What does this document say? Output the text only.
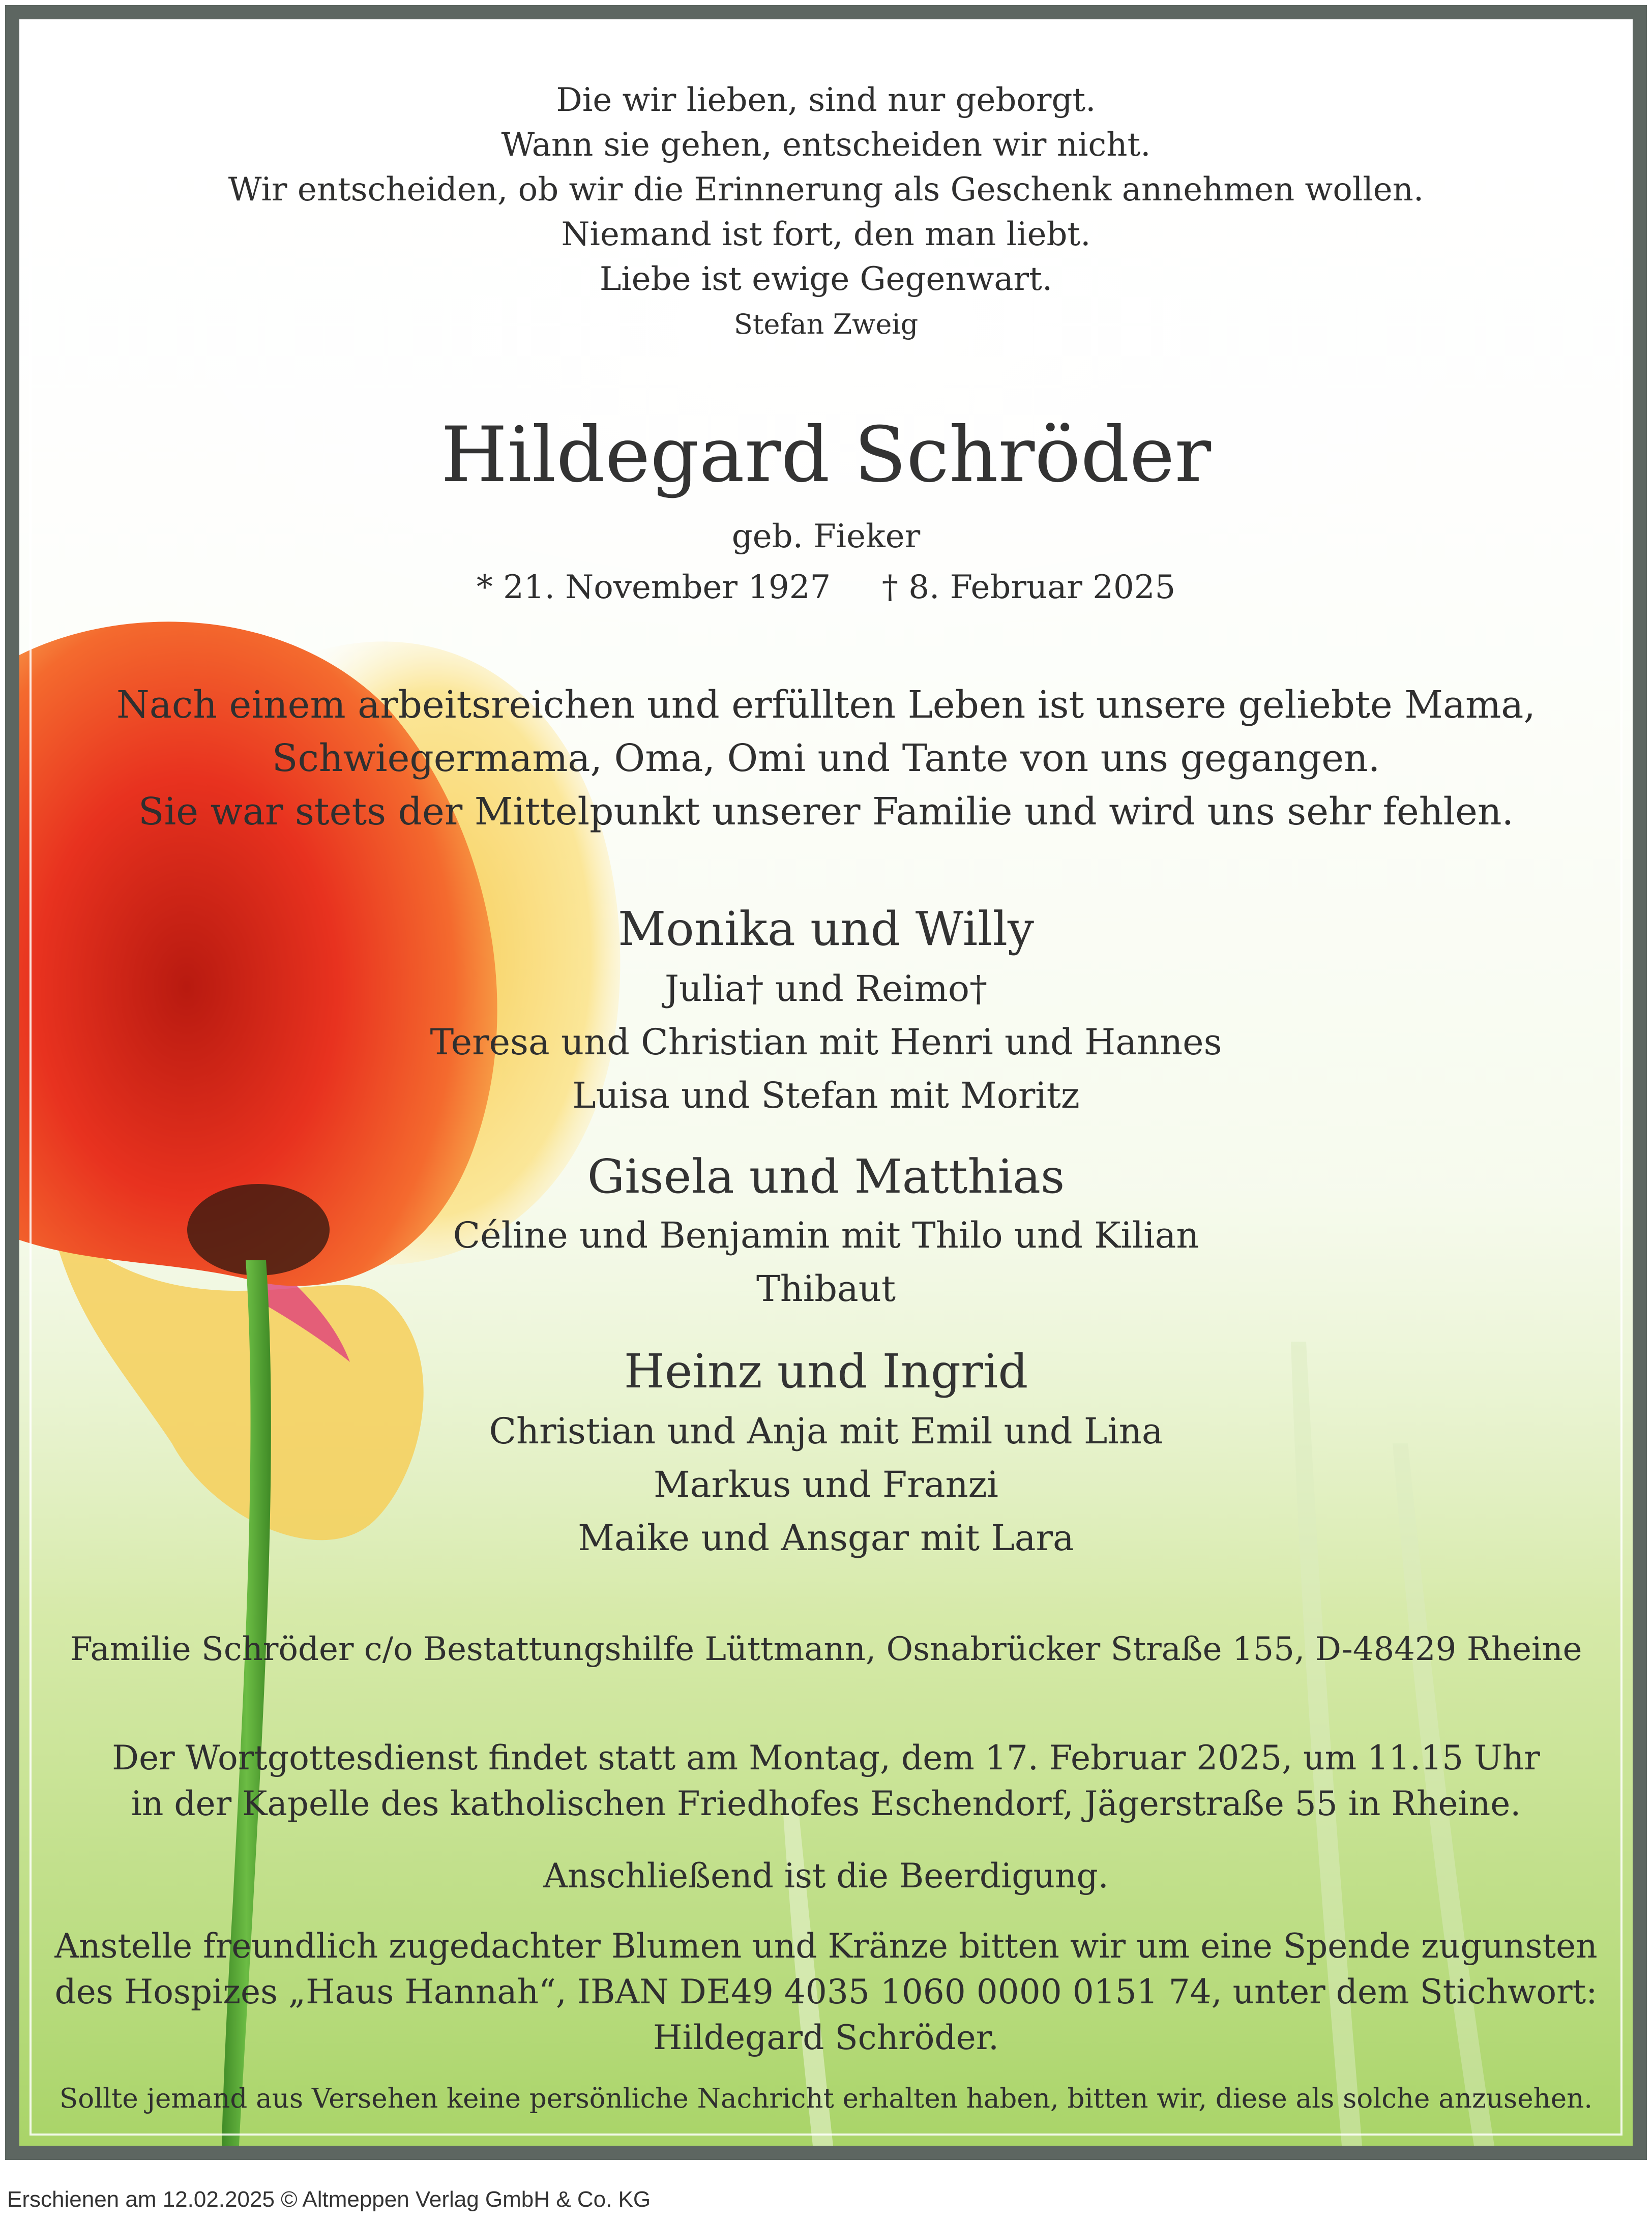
Die wir lieben, sind nur geborgt.
Wann sie gehen, entscheiden wir nicht.
Wir entscheiden, ob wir die Erinnerung als Geschenk annehmen wollen.
Niemand ist fort, den man liebt.
Liebe ist ewige Gegenwart.
Stefan Zweig
Hildegard Schröder
geb. Fieker
* 21. November 1927 † 8. Februar 2025
Nach einem arbeitsreichen und erfüllten Leben ist unsere geliebte Mama,
Schwiegermama, Oma, Omi und Tante von uns gegangen.
Sie war stets der Mittelpunkt unserer Familie und wird uns sehr fehlen.
Monika und Willy
Julia† und Reimo†
Teresa und Christian mit Henri und Hannes
Luisa und Stefan mit Moritz
Gisela und Matthias
Céline und Benjamin mit Thilo und Kilian
Thibaut
Heinz und Ingrid
Christian und Anja mit Emil und Lina
Markus und Franzi
Maike und Ansgar mit Lara
Familie Schröder c/o Bestattungshilfe Lüttmann, Osnabrücker Straße 155, D-48429 Rheine
Der Wortgottesdienst findet statt am Montag, dem 17. Februar 2025, um 11.15 Uhr
in der Kapelle des katholischen Friedhofes Eschendorf, Jägerstraße 55 in Rheine.
Anschließend ist die Beerdigung.
Anstelle freundlich zugedachter Blumen und Kränze bitten wir um eine Spende zugunsten
des Hospizes „Haus Hannah“, IBAN DE49 4035 1060 0000 0151 74, unter dem Stichwort:
Hildegard Schröder.
Sollte jemand aus Versehen keine persönliche Nachricht erhalten haben, bitten wir, diese als solche anzusehen.
Erschienen am 12.02.2025 © Altmeppen Verlag GmbH & Co. KG
